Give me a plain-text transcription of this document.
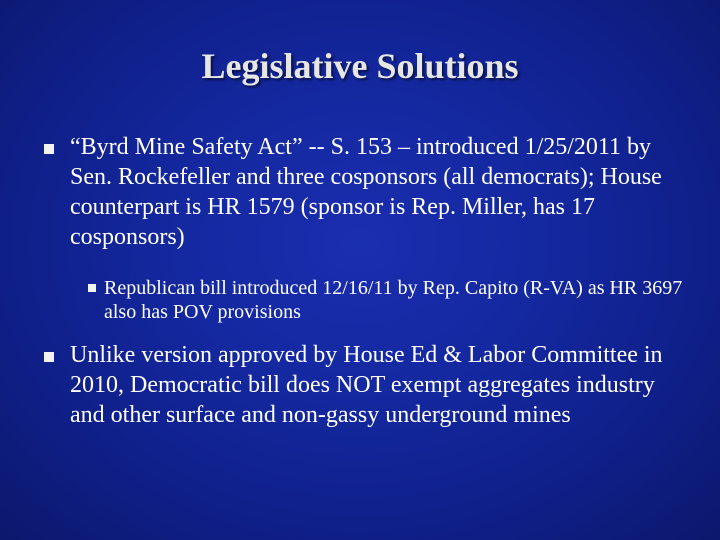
Legislative Solutions
“Byrd Mine Safety Act” -- S. 153 – introduced 1/25/2011 by Sen. Rockefeller and three cosponsors (all democrats); House counterpart is HR 1579 (sponsor is Rep. Miller, has 17 cosponsors)
Republican bill introduced 12/16/11 by Rep. Capito (R-VA) as HR 3697 also has POV provisions
Unlike version approved by House Ed & Labor Committee in 2010, Democratic bill does NOT exempt aggregates industry and other surface and non-gassy underground mines
